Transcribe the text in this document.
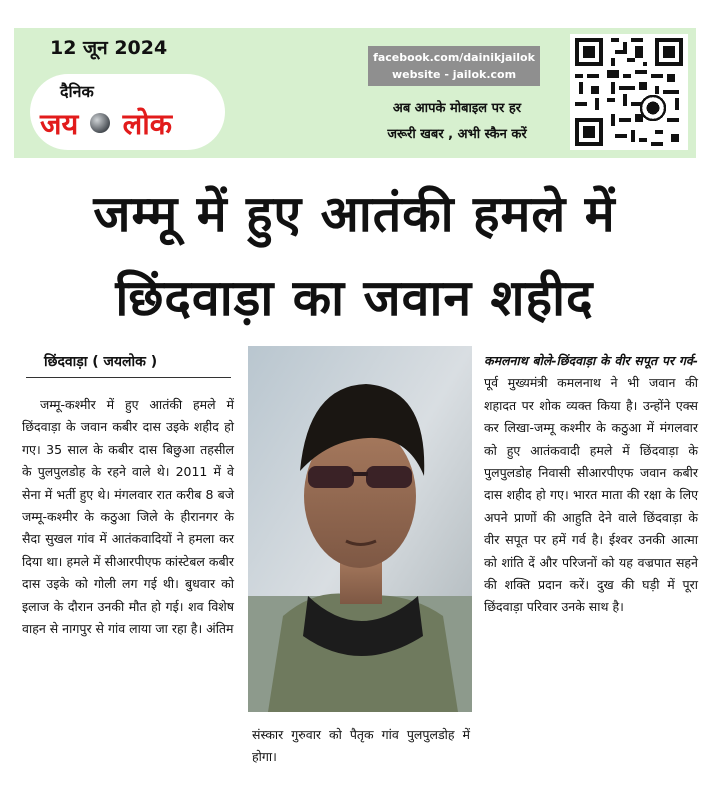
12 जून 2024
दैनिक
जय लोक
facebook.com/dainikjailok
website - jailok.com
अब आपके मोबाइल पर हर
जरूरी खबर , अभी स्कैन करें
जम्मू में हुए आतंकी हमले में
छिंदवाड़ा का जवान शहीद
छिंदवाड़ा ( जयलोक )
जम्मू-कश्मीर में हुए आतंकी हमले में छिंदवाड़ा के जवान कबीर दास उइके शहीद हो गए। 35 साल के कबीर दास बिछुआ तहसील के पुलपुलडोह के रहने वाले थे। 2011 में वे सेना में भर्ती हुए थे। मंगलवार रात करीब 8 बजे जम्मू-कश्मीर के कठुआ जिले के हीरानगर के सैदा सुखल गांव में आतंकवादियों ने हमला कर दिया था। हमले में सीआरपीएफ कांस्टेबल कबीर दास उइके को गोली लग गई थी। बुधवार को इलाज के दौरान उनकी मौत हो गई। शव विशेष वाहन से नागपुर से गांव लाया जा रहा है। अंतिम
संस्कार गुरुवार को पैतृक गांव पुलपुलडोह में होगा।
कमलनाथ बोले-छिंदवाड़ा के वीर सपूत पर गर्व- पूर्व मुख्यमंत्री कमलनाथ ने भी जवान की शहादत पर शोक व्यक्त किया है। उन्होंने एक्स कर लिखा-जम्मू कश्मीर के कठुआ में मंगलवार को हुए आतंकवादी हमले में छिंदवाड़ा के पुलपुलडोह निवासी सीआरपीएफ जवान कबीर दास शहीद हो गए। भारत माता की रक्षा के लिए अपने प्राणों की आहुति देने वाले छिंदवाड़ा के वीर सपूत पर हमें गर्व है। ईश्वर उनकी आत्मा को शांति दें और परिजनों को यह वज्रपात सहने की शक्ति प्रदान करें। दुख की घड़ी में पूरा छिंदवाड़ा परिवार उनके साथ है।
